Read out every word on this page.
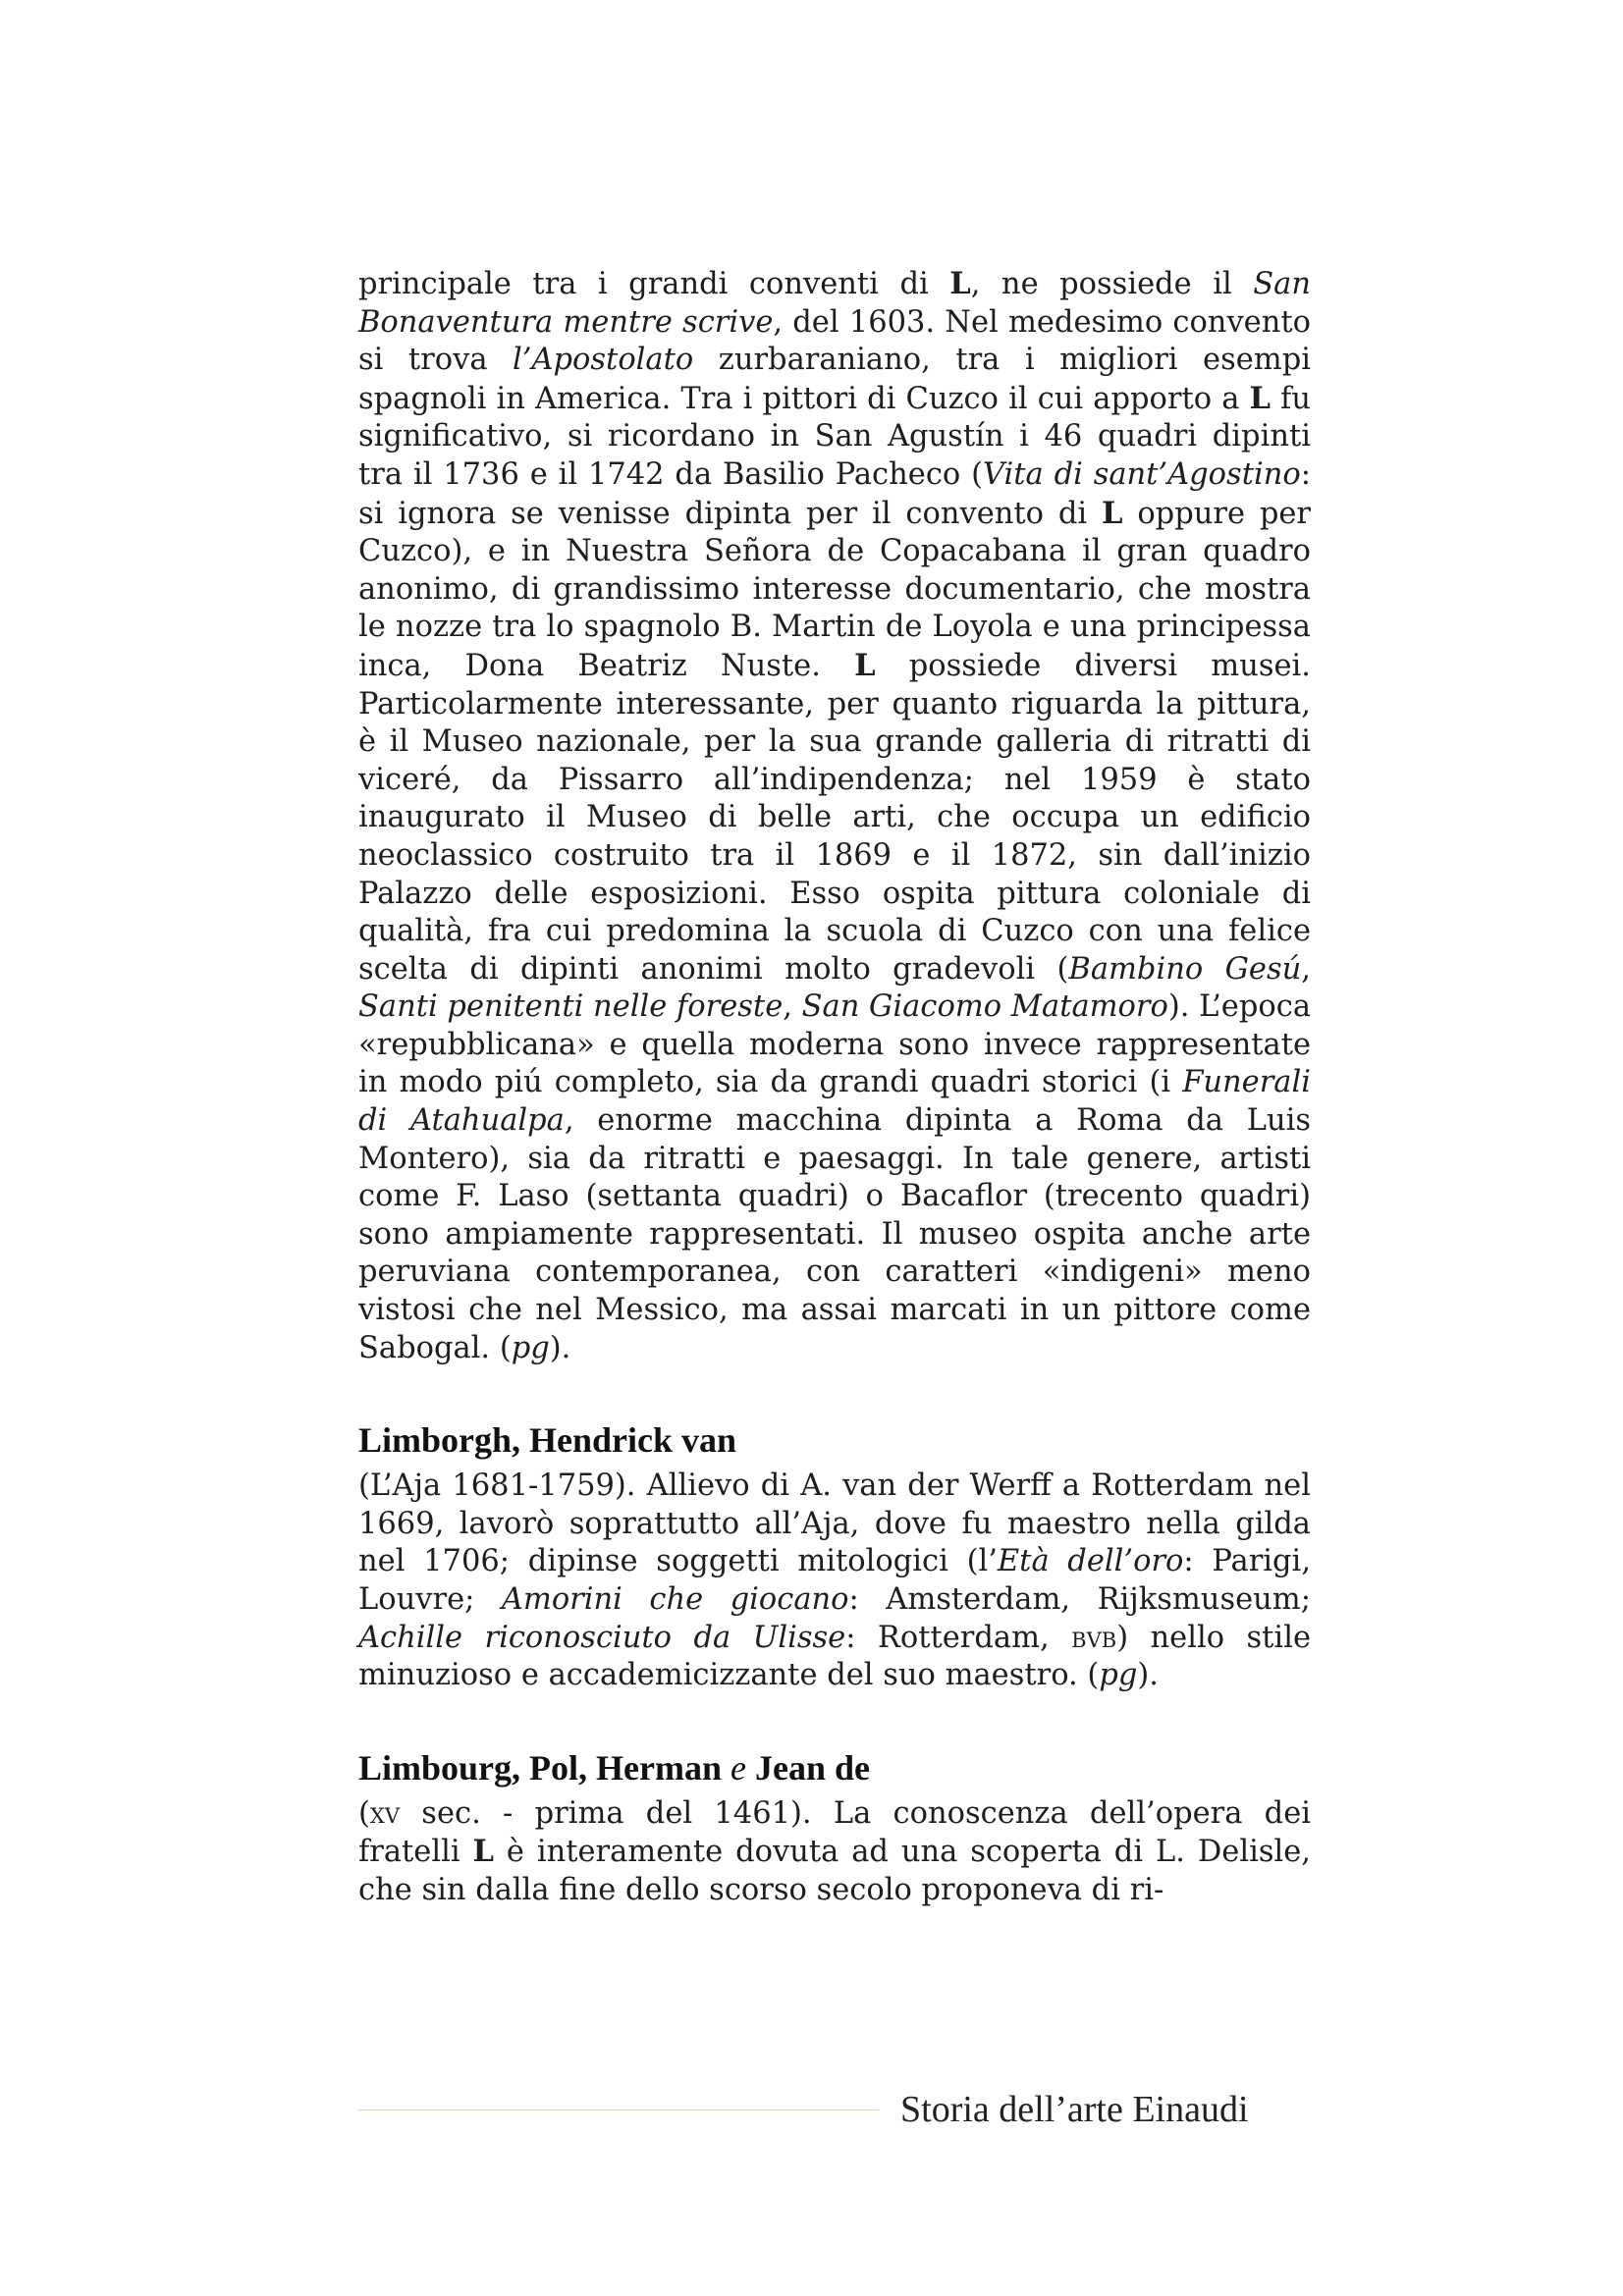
principale tra i grandi conventi di L, ne possiede il San Bonaventura mentre scrive, del 1603. Nel medesimo convento si trova l’Apostolato zurbaraniano, tra i migliori esempi spagnoli in America. Tra i pittori di Cuzco il cui apporto a L fu significativo, si ricordano in San Agustín i 46 quadri dipinti tra il 1736 e il 1742 da Basilio Pacheco (Vita di sant’Agostino: si ignora se venisse dipinta per il convento di L oppure per Cuzco), e in Nuestra Señora de Copacabana il gran quadro anonimo, di grandissimo interesse documentario, che mostra le nozze tra lo spagnolo B. Martin de Loyola e una principessa inca, Dona Beatriz Nuste. L possiede diversi musei. Particolarmente interessante, per quanto riguarda la pittura, è il Museo nazionale, per la sua grande galleria di ritratti di viceré, da Pissarro all’indipendenza; nel 1959 è stato inaugurato il Museo di belle arti, che occupa un edificio neoclassico costruito tra il 1869 e il 1872, sin dall’inizio Palazzo delle esposizioni. Esso ospita pittura coloniale di qualità, fra cui predomina la scuola di Cuzco con una felice scelta di dipinti anonimi molto gradevoli (Bambino Gesú, Santi penitenti nelle foreste, San Giacomo Matamoro). L’epoca «repubblicana» e quella moderna sono invece rappresentate in modo piú completo, sia da grandi quadri storici (i Funerali di Atahualpa, enorme macchina dipinta a Roma da Luis Montero), sia da ritratti e paesaggi. In tale genere, artisti come F. Laso (settanta quadri) o Bacaflor (trecento quadri) sono ampiamente rappresentati. Il museo ospita anche arte peruviana contemporanea, con caratteri «indigeni» meno vistosi che nel Messico, ma assai marcati in un pittore come Sabogal. (pg).

Limborgh, Hendrick van

(L’Aja 1681-1759). Allievo di A. van der Werff a Rotterdam nel 1669, lavorò soprattutto all’Aja, dove fu maestro nella gilda nel 1706; dipinse soggetti mitologici (l’Età dell’oro: Parigi, Louvre; Amorini che giocano: Amsterdam, Rijksmuseum; Achille riconosciuto da Ulisse: Rotterdam, bvb) nello stile minuzioso e accademicizzante del suo maestro. (pg).

Limbourg, Pol, Herman e Jean de

(xv sec. - prima del 1461). La conoscenza dell’opera dei fratelli L è interamente dovuta ad una scoperta di L. Delisle, che sin dalla fine dello scorso secolo proponeva di ri-

Storia dell’arte Einaudi
